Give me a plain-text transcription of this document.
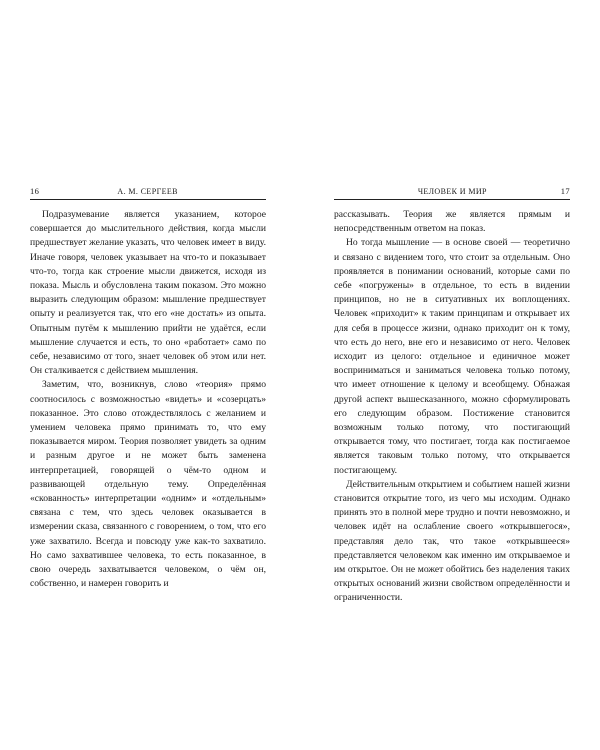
16	А. М. СЕРГЕЕВ

Подразумевание является указанием, которое совершается до мыслительного действия, когда мысли предшествует желание указать, что человек имеет в виду. Иначе говоря, человек указывает на что-то и показывает что-то, тогда как строение мысли движется, исходя из показа. Мысль и обусловлена таким показом. Это можно выразить следующим образом: мышление предшествует опыту и реализуется так, что его «не достать» из опыта. Опытным путём к мышлению прийти не удаётся, если мышление случается и есть, то оно «работает» само по себе, независимо от того, знает человек об этом или нет. Он сталкивается с действием мышления.

Заметим, что, возникнув, слово «теория» прямо соотносилось с возможностью «видеть» и «созерцать» показанное. Это слово отождествлялось с желанием и умением человека прямо принимать то, что ему показывается миром. Теория позволяет увидеть за одним и разным другое и не может быть заменена интерпретацией, говорящей о чём-то одном и развивающей отдельную тему. Определённая «скованность» интерпретации «одним» и «отдельным» связана с тем, что здесь человек оказывается в измерении сказа, связанного с говорением, о том, что его уже захватило. Всегда и повсюду уже как-то захватило. Но само захватившее человека, то есть показанное, в свою очередь захватывается человеком, о чём он, собственно, и намерен говорить и

ЧЕЛОВЕК И МИР	17

рассказывать. Теория же является прямым и непосредственным ответом на показ.

Но тогда мышление — в основе своей — теоретично и связано с видением того, что стоит за отдельным. Оно проявляется в понимании оснований, которые сами по себе «погружены» в отдельное, то есть в видении принципов, но не в ситуативных их воплощениях. Человек «приходит» к таким принципам и открывает их для себя в процессе жизни, однако приходит он к тому, что есть до него, вне его и независимо от него. Человек исходит из целого: отдельное и единичное может восприниматься и заниматься человека только потому, что имеет отношение к целому и всеобщему. Обнажая другой аспект вышесказанного, можно сформулировать его следующим образом. Постижение становится возможным только потому, что постигающий открывается тому, что постигает, тогда как постигаемое является таковым только потому, что открывается постигающему.

Действительным открытием и событием нашей жизни становится открытие того, из чего мы исходим. Однако принять это в полной мере трудно и почти невозможно, и человек идёт на ослабление своего «открывшегося», представляя дело так, что такое «открывшееся» представляется человеком как именно им открываемое и им открытое. Он не может обойтись без наделения таких открытых оснований жизни свойством определённости и ограниченности.
